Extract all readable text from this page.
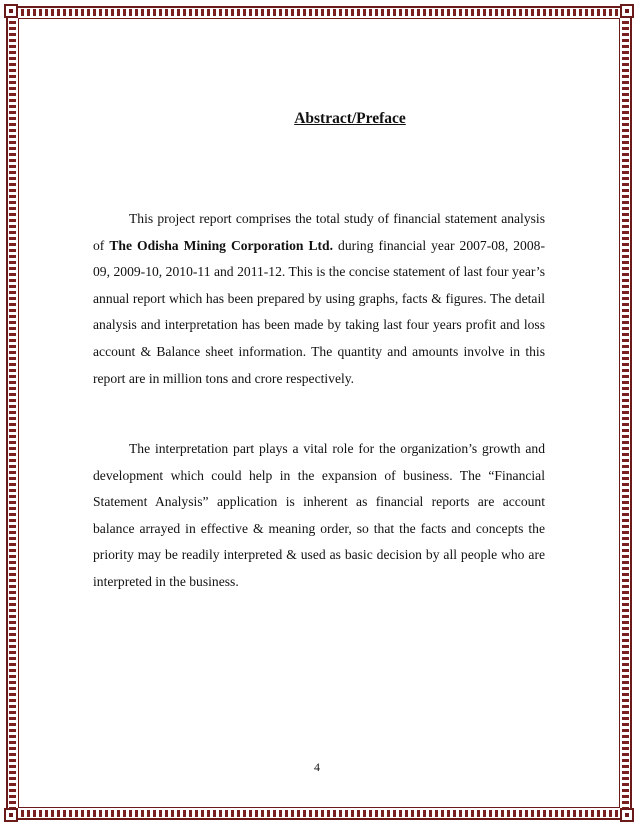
Abstract/Preface

This project report comprises the total study of financial statement analysis of The Odisha Mining Corporation Ltd. during financial year 2007-08, 2008-09, 2009-10, 2010-11 and 2011-12. This is the concise statement of last four year’s annual report which has been prepared by using graphs, facts & figures. The detail analysis and interpretation has been made by taking last four years profit and loss account & Balance sheet information. The quantity and amounts involve in this report are in million tons and crore respectively.

The interpretation part plays a vital role for the organization’s growth and development which could help in the expansion of business. The “Financial Statement Analysis” application is inherent as financial reports are account balance arrayed in effective & meaning order, so that the facts and concepts the priority may be readily interpreted & used as basic decision by all people who are interpreted in the business.

4
